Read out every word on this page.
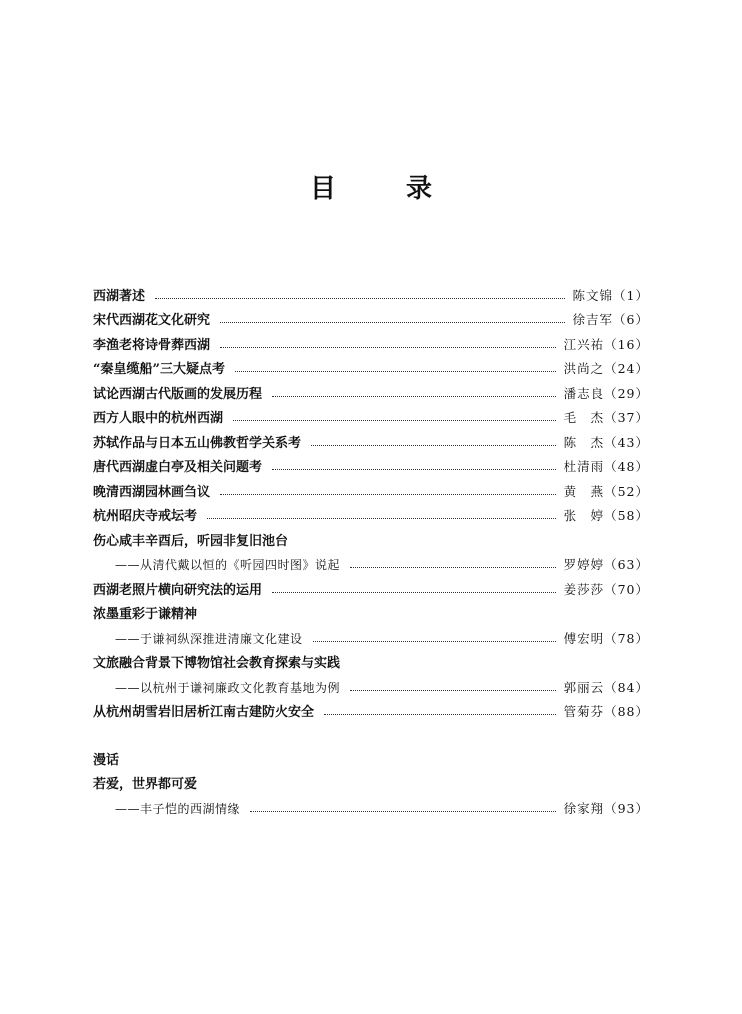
目　录
西湖著述	陈文锦（1）
宋代西湖花文化研究	徐吉军（6）
李渔老将诗骨葬西湖	江兴祐（16）
“秦皇缆船”三大疑点考	洪尚之（24）
试论西湖古代版画的发展历程	潘志良（29）
西方人眼中的杭州西湖	毛　杰（37）
苏轼作品与日本五山佛教哲学关系考	陈　杰（43）
唐代西湖虚白亭及相关问题考	杜清雨（48）
晚清西湖园林画刍议	黄　燕（52）
杭州昭庆寺戒坛考	张　婷（58）
伤心咸丰辛酉后，听园非复旧池台
——从清代戴以恒的《听园四时图》说起	罗婷婷（63）
西湖老照片横向研究法的运用	姜莎莎（70）
浓墨重彩于谦精神
——于谦祠纵深推进清廉文化建设	傅宏明（78）
文旅融合背景下博物馆社会教育探索与实践
——以杭州于谦祠廉政文化教育基地为例	郭丽云（84）
从杭州胡雪岩旧居析江南古建防火安全	管菊芬（88）
漫话
若爱，世界都可爱
——丰子恺的西湖情缘	徐家翔（93）
